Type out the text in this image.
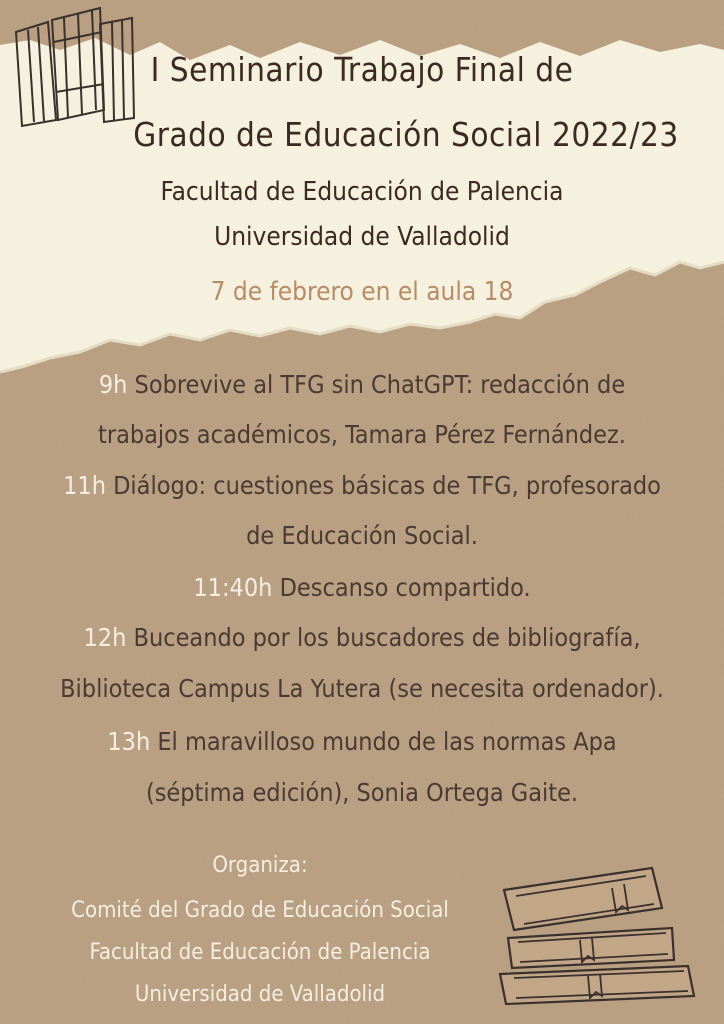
I Seminario Trabajo Final de
Grado de Educación Social 2022/23
Facultad de Educación de Palencia
Universidad de Valladolid
7 de febrero en el aula 18
9h Sobrevive al TFG sin ChatGPT: redacción de
trabajos académicos, Tamara Pérez Fernández.
11h Diálogo: cuestiones básicas de TFG, profesorado
de Educación Social.
11:40h Descanso compartido.
12h Buceando por los buscadores de bibliografía,
Biblioteca Campus La Yutera (se necesita ordenador).
13h El maravilloso mundo de las normas Apa
(séptima edición), Sonia Ortega Gaite.
Organiza:
Comité del Grado de Educación Social
Facultad de Educación de Palencia
Universidad de Valladolid
